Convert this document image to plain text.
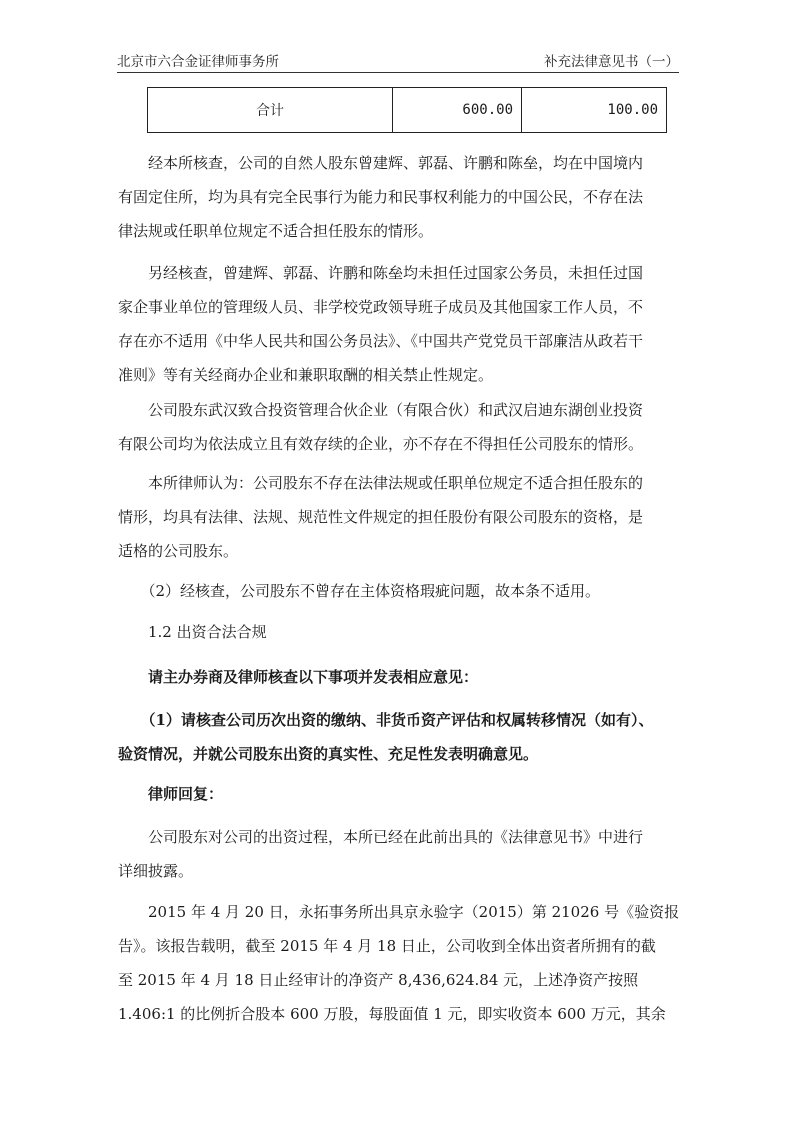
北京市六合金证律师事务所	补充法律意见书（一）
合计	600.00	100.00
　　经本所核查，公司的自然人股东曾建辉、郭磊、许鹏和陈垒，均在中国境内
有固定住所，均为具有完全民事行为能力和民事权利能力的中国公民，不存在法
律法规或任职单位规定不适合担任股东的情形。
　　另经核查，曾建辉、郭磊、许鹏和陈垒均未担任过国家公务员，未担任过国
家企事业单位的管理级人员、非学校党政领导班子成员及其他国家工作人员，不
存在亦不适用《中华人民共和国公务员法》、《中国共产党党员干部廉洁从政若干
准则》等有关经商办企业和兼职取酬的相关禁止性规定。
　　公司股东武汉致合投资管理合伙企业（有限合伙）和武汉启迪东湖创业投资
有限公司均为依法成立且有效存续的企业，亦不存在不得担任公司股东的情形。
　　本所律师认为：公司股东不存在法律法规或任职单位规定不适合担任股东的
情形，均具有法律、法规、规范性文件规定的担任股份有限公司股东的资格，是
适格的公司股东。
　　（2）经核查，公司股东不曾存在主体资格瑕疵问题，故本条不适用。
　　1.2 出资合法合规
　　请主办券商及律师核查以下事项并发表相应意见：
　　（1）请核查公司历次出资的缴纳、非货币资产评估和权属转移情况（如有）、
验资情况，并就公司股东出资的真实性、充足性发表明确意见。
　　律师回复：
　　公司股东对公司的出资过程，本所已经在此前出具的《法律意见书》中进行
详细披露。
　　2015 年 4 月 20 日，永拓事务所出具京永验字（2015）第 21026 号《验资报
告》。该报告载明，截至 2015 年 4 月 18 日止，公司收到全体出资者所拥有的截
至 2015 年 4 月 18 日止经审计的净资产 8,436,624.84 元，上述净资产按照
1.406:1 的比例折合股本 600 万股，每股面值 1 元，即实收资本 600 万元，其余
